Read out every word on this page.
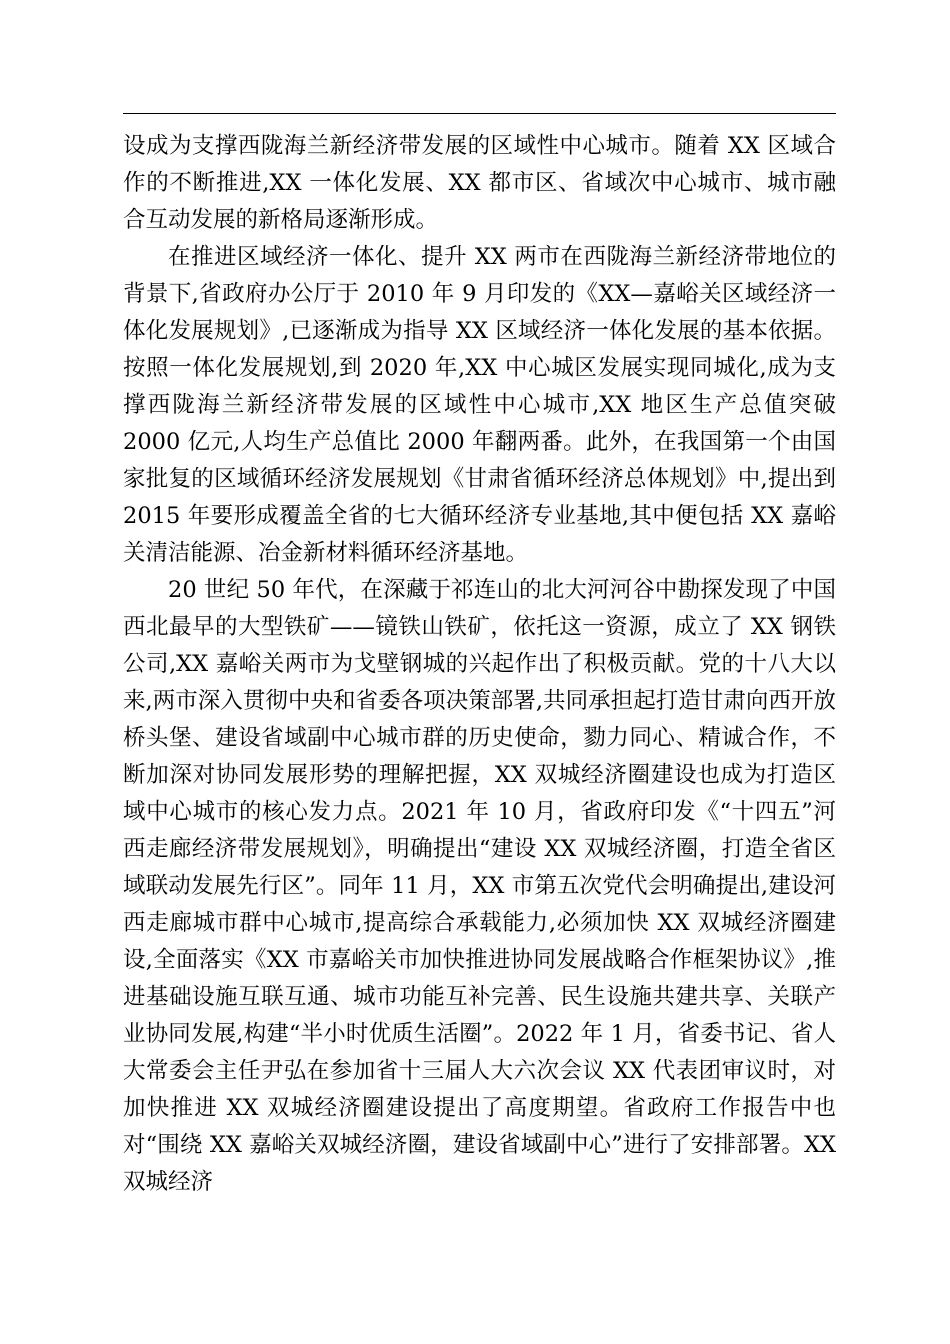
设成为支撑西陇海兰新经济带发展的区域性中心城市。随着 XX 区域合作的不断推进,XX 一体化发展、XX 都市区、省域次中心城市、城市融合互动发展的新格局逐渐形成。

在推进区域经济一体化、提升 XX 两市在西陇海兰新经济带地位的背景下,省政府办公厅于 2010 年 9 月印发的《XX—嘉峪关区域经济一体化发展规划》,已逐渐成为指导 XX 区域经济一体化发展的基本依据。按照一体化发展规划,到 2020 年,XX 中心城区发展实现同城化,成为支撑西陇海兰新经济带发展的区域性中心城市,XX 地区生产总值突破 2000 亿元,人均生产总值比 2000 年翻两番。此外，在我国第一个由国家批复的区域循环经济发展规划《甘肃省循环经济总体规划》中,提出到 2015 年要形成覆盖全省的七大循环经济专业基地,其中便包括 XX 嘉峪关清洁能源、冶金新材料循环经济基地。

20 世纪 50 年代，在深藏于祁连山的北大河河谷中勘探发现了中国西北最早的大型铁矿——镜铁山铁矿，依托这一资源，成立了 XX 钢铁公司,XX 嘉峪关两市为戈壁钢城的兴起作出了积极贡献。党的十八大以来,两市深入贯彻中央和省委各项决策部署,共同承担起打造甘肃向西开放桥头堡、建设省域副中心城市群的历史使命，勠力同心、精诚合作，不断加深对协同发展形势的理解把握，XX 双城经济圈建设也成为打造区域中心城市的核心发力点。2021 年 10 月，省政府印发《“十四五”河西走廊经济带发展规划》，明确提出“建设 XX 双城经济圈，打造全省区域联动发展先行区”。同年 11 月，XX 市第五次党代会明确提出,建设河西走廊城市群中心城市,提高综合承载能力,必须加快 XX 双城经济圈建设,全面落实《XX 市嘉峪关市加快推进协同发展战略合作框架协议》,推进基础设施互联互通、城市功能互补完善、民生设施共建共享、关联产业协同发展,构建“半小时优质生活圈”。2022 年 1 月，省委书记、省人大常委会主任尹弘在参加省十三届人大六次会议 XX 代表团审议时，对加快推进 XX 双城经济圈建设提出了高度期望。省政府工作报告中也对“围绕 XX 嘉峪关双城经济圈，建设省域副中心”进行了安排部署。XX 双城经济
